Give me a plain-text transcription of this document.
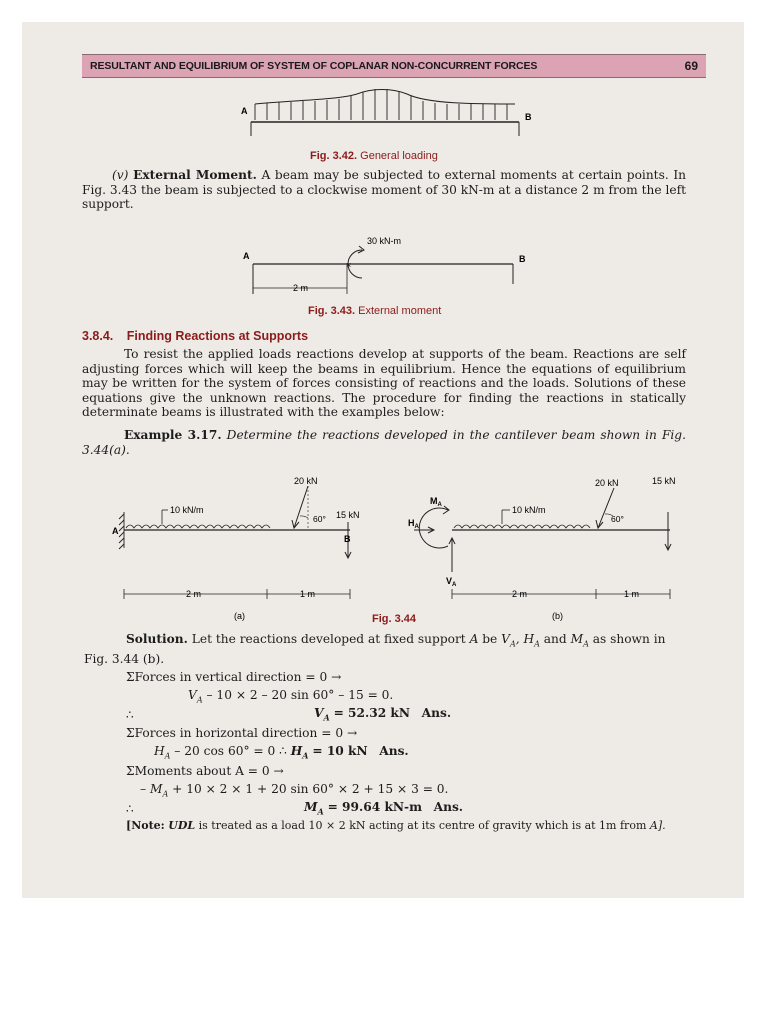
RESULTANT AND EQUILIBRIUM OF SYSTEM OF COPLANAR NON-CONCURRENT FORCES	69
A
B
Fig. 3.42. General loading
(v) External Moment. A beam may be subjected to external moments at certain points. In Fig. 3.43 the beam is subjected to a clockwise moment of 30 kN-m at a distance 2 m from the left support.
30 kN-m
×
A	B
2 m
Fig. 3.43. External moment
3.8.4. Finding Reactions at Supports
To resist the applied loads reactions develop at supports of the beam. Reactions are self adjusting forces which will keep the beams in equilibrium. Hence the equations of equilibrium may be written for the system of forces consisting of reactions and the loads. Solutions of these equations give the unknown reactions. The procedure for finding the reactions in statically determinate beams is illustrated with the examples below:
Example 3.17. Determine the reactions developed in the cantilever beam shown in Fig. 3.44(a).
10 kN/m
60°
20 kN
15 kN
A
B
2 m	1 m
(a)
$M_A$
$H_A$
$V_A$
10 kN/m
60°
20 kN	15 kN
2 m	1 m
(b)
Fig. 3.44
Solution. Let the reactions developed at fixed support A be $V_A$, $H_A$ and $M_A$ as shown in
Fig. 3.44 (b).
ΣForces in vertical direction = 0 →
$V_A - 10 \times 2 - 20$ sin 60° – 15 = 0.
∴	$V_A = 52.32$ kN Ans.
ΣForces in horizontal direction = 0 →
$H_A - 20$ cos 60° = 0 ∴ $H_A = 10$ kN Ans.
ΣMoments about A = 0 →
– $M_A + 10 \times 2 \times 1 + 20$ sin 60° × 2 + 15 × 3 = 0.
∴	$M_A = 99.64$ kN-m Ans.
[Note: UDL is treated as a load 10 × 2 kN acting at its centre of gravity which is at 1m from A].
